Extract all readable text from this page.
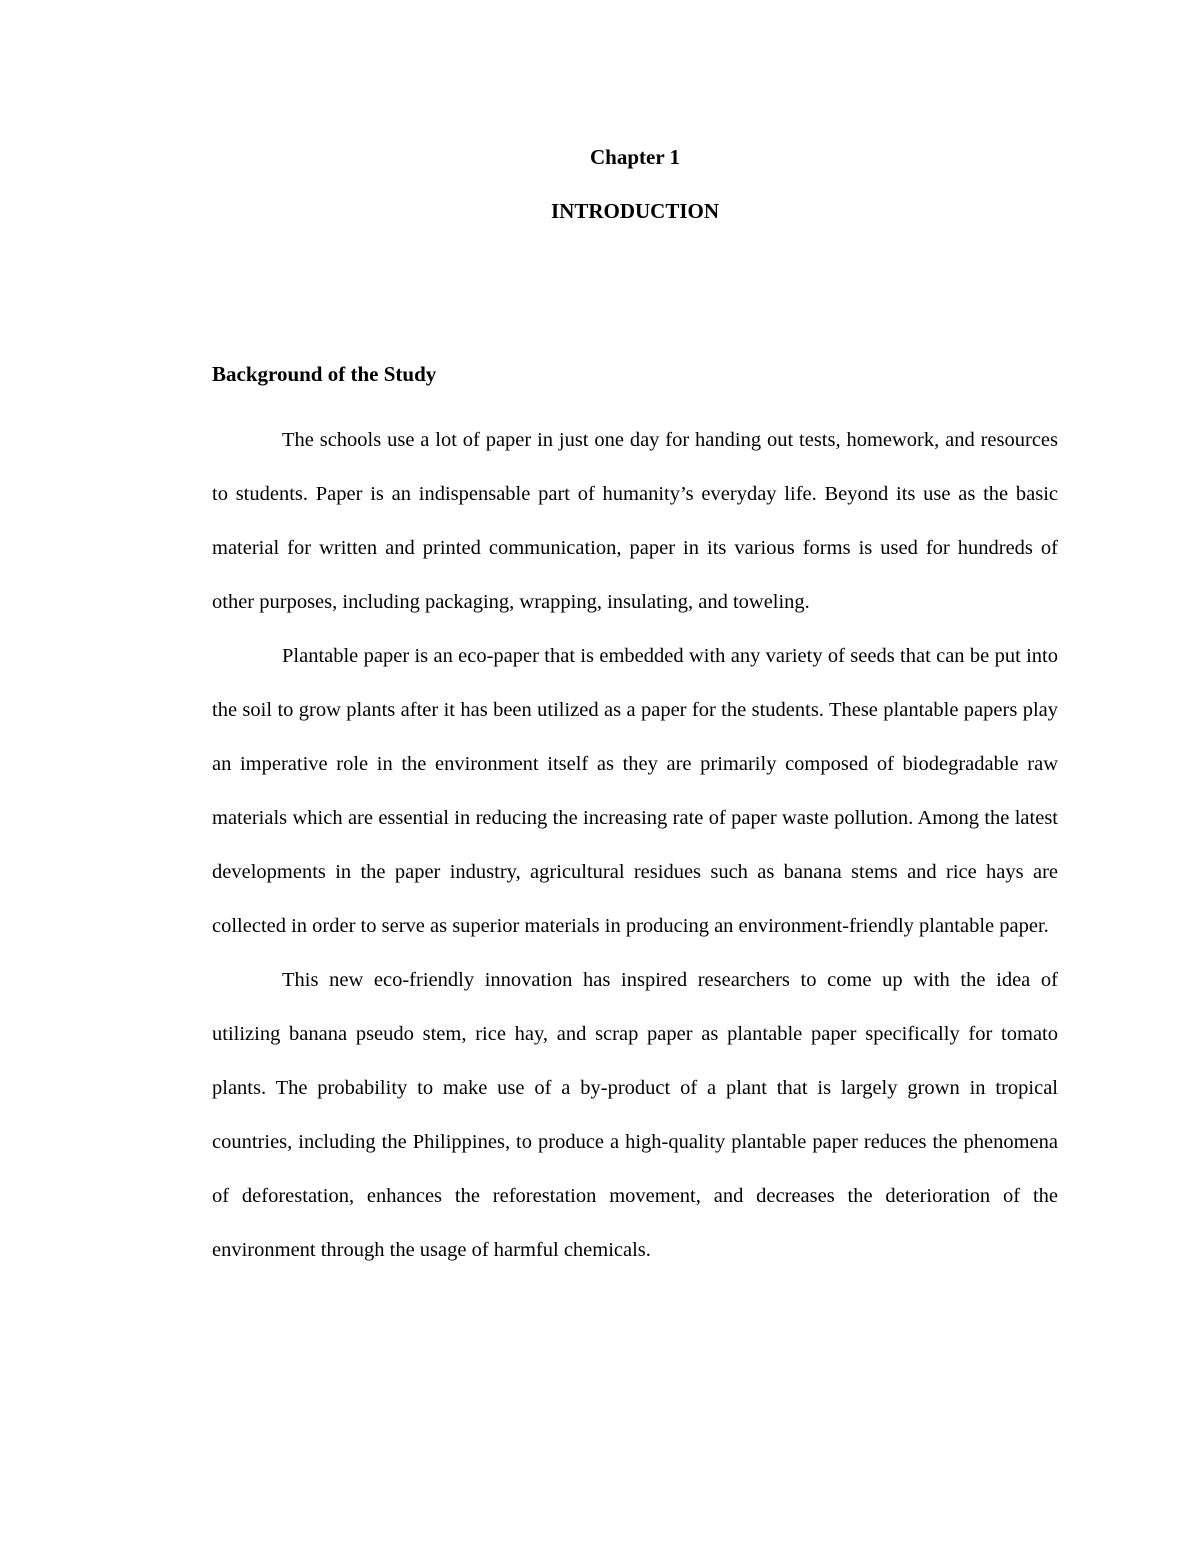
Chapter 1
INTRODUCTION
Background of the Study

The schools use a lot of paper in just one day for handing out tests, homework, and resources to students. Paper is an indispensable part of humanity’s everyday life. Beyond its use as the basic material for written and printed communication, paper in its various forms is used for hundreds of other purposes, including packaging, wrapping, insulating, and toweling.

Plantable paper is an eco-paper that is embedded with any variety of seeds that can be put into the soil to grow plants after it has been utilized as a paper for the students. These plantable papers play an imperative role in the environment itself as they are primarily composed of biodegradable raw materials which are essential in reducing the increasing rate of paper waste pollution. Among the latest developments in the paper industry, agricultural residues such as banana stems and rice hays are collected in order to serve as superior materials in producing an environment-friendly plantable paper.

This new eco-friendly innovation has inspired researchers to come up with the idea of utilizing banana pseudo stem, rice hay, and scrap paper as plantable paper specifically for tomato plants. The probability to make use of a by-product of a plant that is largely grown in tropical countries, including the Philippines, to produce a high-quality plantable paper reduces the phenomena of deforestation, enhances the reforestation movement, and decreases the deterioration of the environment through the usage of harmful chemicals.
